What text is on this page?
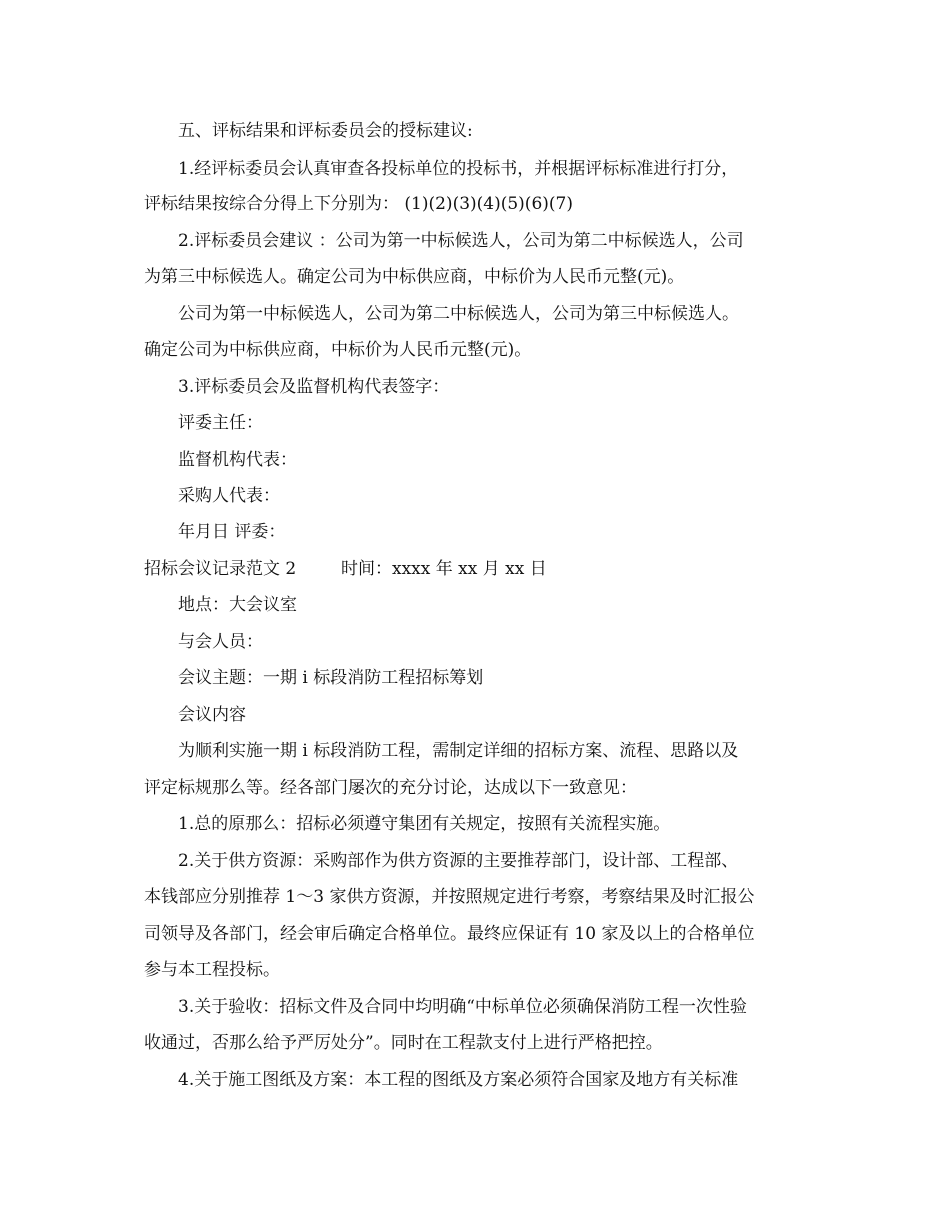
五、评标结果和评标委员会的授标建议:
1.经评标委员会认真审查各投标单位的投标书，并根据评标标准进行打分，
评标结果按综合分得上下分别为： (1)(2)(3)(4)(5)(6)(7)
2.评标委员会建议 ：公司为第一中标候选人，公司为第二中标候选人，公司
为第三中标候选人。确定公司为中标供应商，中标价为人民币元整(元)。
公司为第一中标候选人，公司为第二中标候选人，公司为第三中标候选人。
确定公司为中标供应商，中标价为人民币元整(元)。
3.评标委员会及监督机构代表签字：
评委主任：
监督机构代表：
采购人代表：
年月日 评委：
招标会议记录范文 2	时间：xxxx 年 xx 月 xx 日
地点：大会议室
与会人员：
会议主题：一期 i 标段消防工程招标筹划
会议内容
为顺利实施一期 i 标段消防工程，需制定详细的招标方案、流程、思路以及
评定标规那么等。经各部门屡次的充分讨论，达成以下一致意见：
1.总的原那么：招标必须遵守集团有关规定，按照有关流程实施。
2.关于供方资源：采购部作为供方资源的主要推荐部门，设计部、工程部、
本钱部应分别推荐 1～3 家供方资源，并按照规定进行考察，考察结果及时汇报公
司领导及各部门，经会审后确定合格单位。最终应保证有 10 家及以上的合格单位
参与本工程投标。
3.关于验收：招标文件及合同中均明确“中标单位必须确保消防工程一次性验
收通过，否那么给予严厉处分”。同时在工程款支付上进行严格把控。
4.关于施工图纸及方案：本工程的图纸及方案必须符合国家及地方有关标准
